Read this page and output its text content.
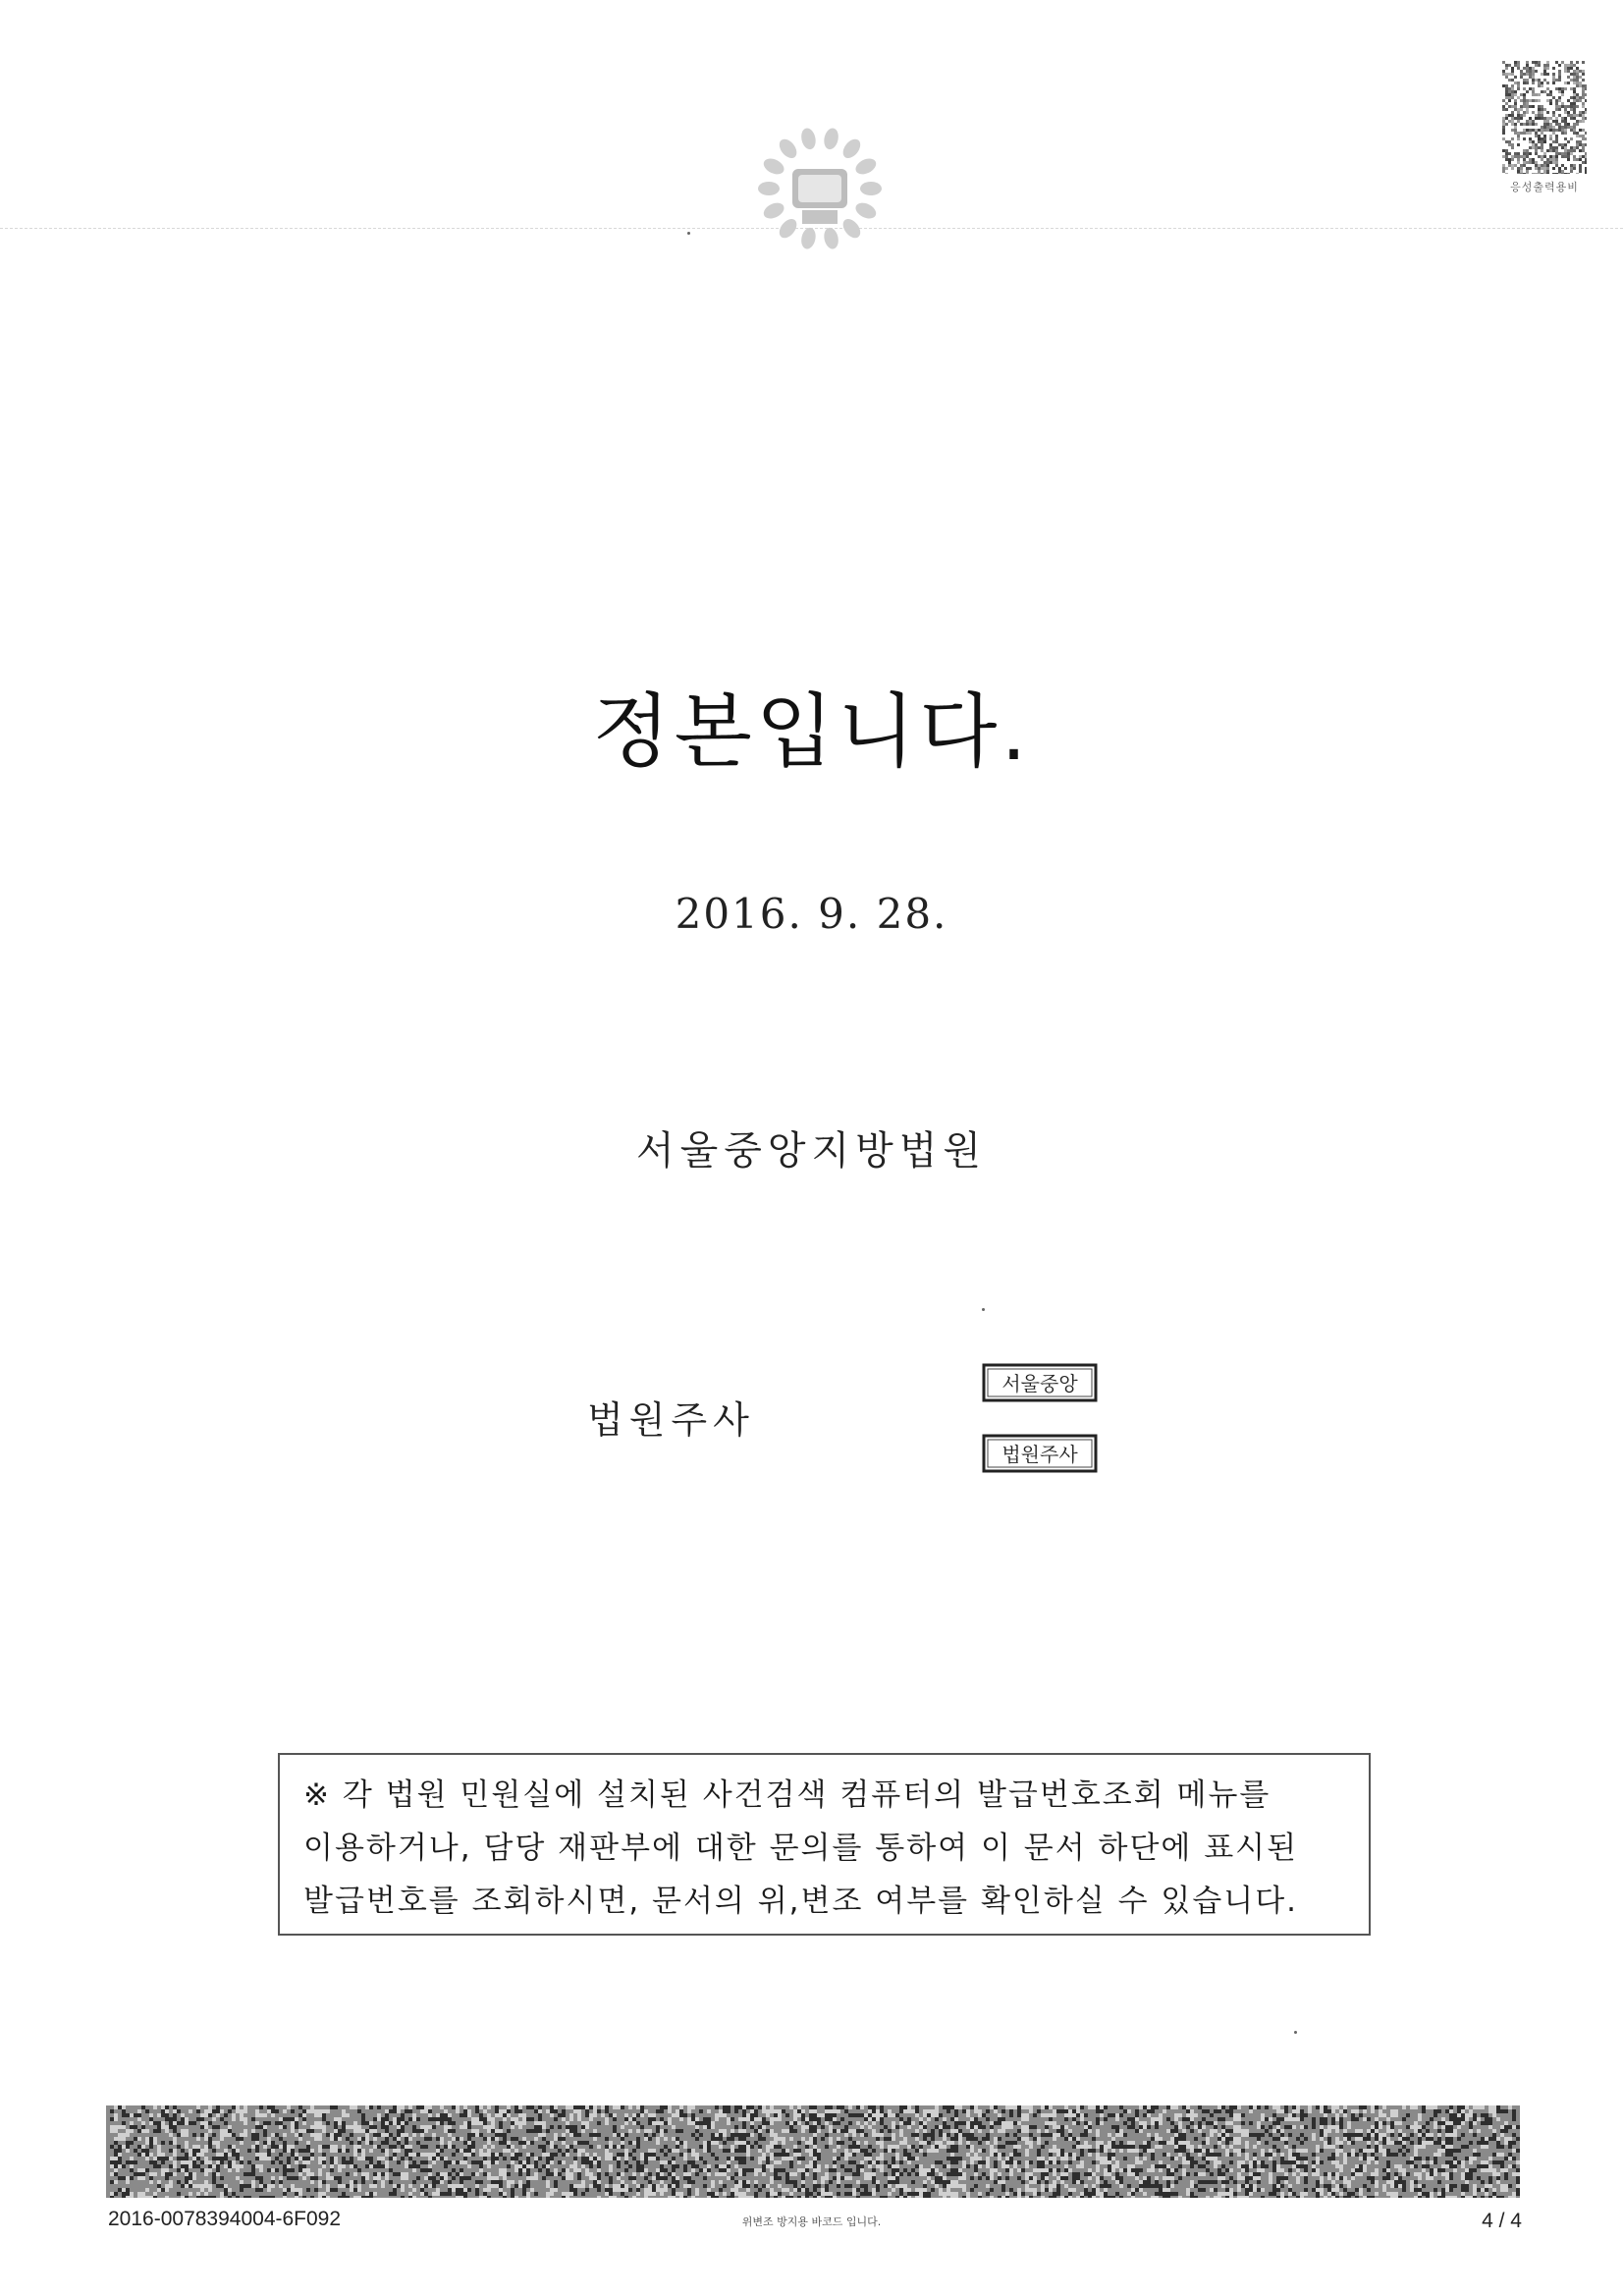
응성출력용비
정본입니다.
2016. 9. 28.
서울중앙지방법원
법원주사
서울중앙
법원주사
※ 각 법원 민원실에 설치된 사건검색 컴퓨터의 발급번호조회 메뉴를
이용하거나, 담당 재판부에 대한 문의를 통하여 이 문서 하단에 표시된
발급번호를 조회하시면, 문서의 위,변조 여부를 확인하실 수 있습니다.
2016-0078394004-6F092	위변조 방지용 바코드 입니다.	4 / 4
